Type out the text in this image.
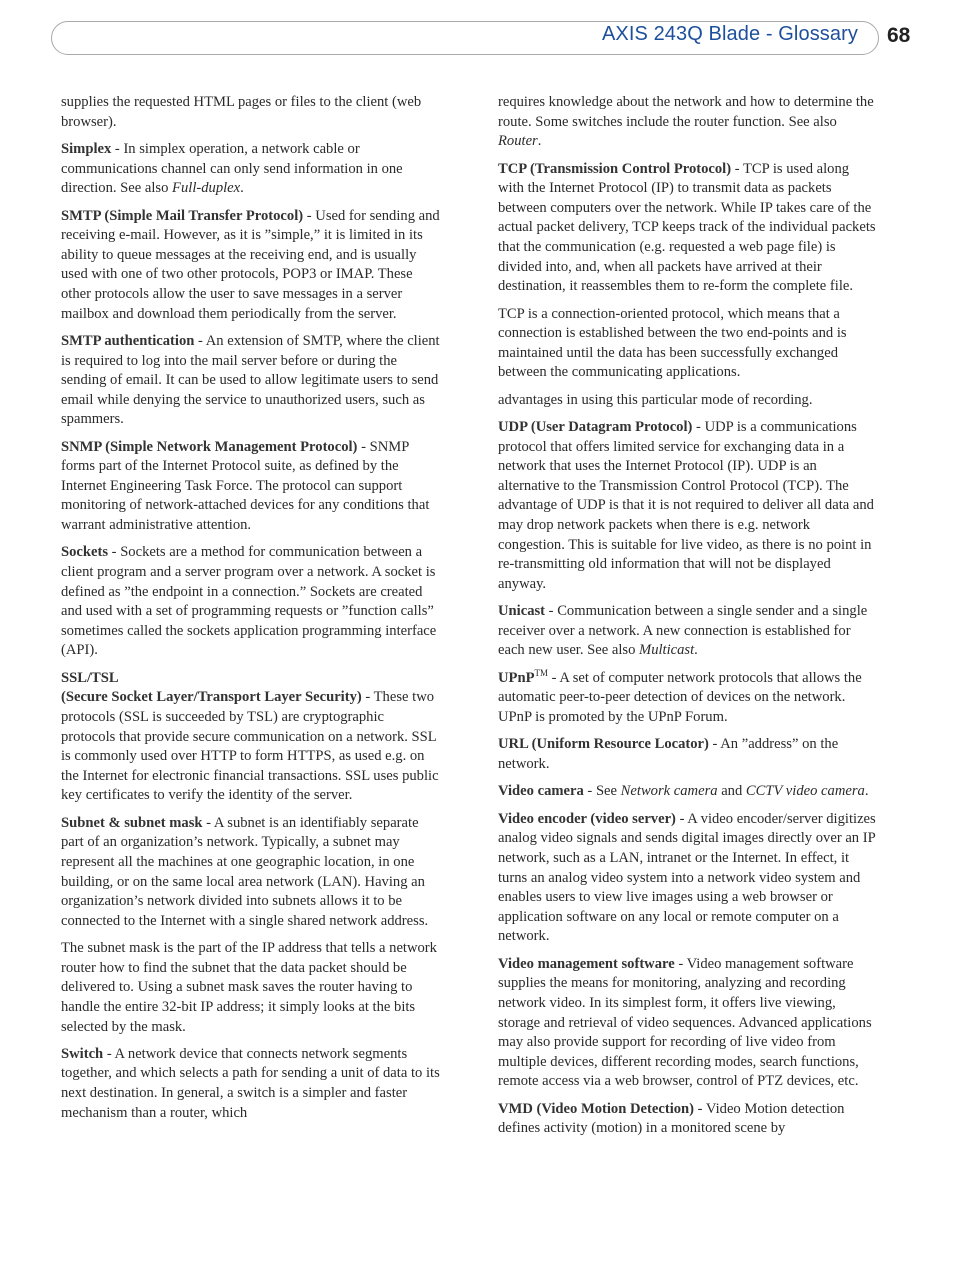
AXIS 243Q Blade - Glossary 68

supplies the requested HTML pages or files to the client (web browser).

Simplex - In simplex operation, a network cable or communications channel can only send information in one direction. See also Full-duplex.

SMTP (Simple Mail Transfer Protocol) - Used for sending and receiving e-mail. However, as it is ”simple,” it is limited in its ability to queue messages at the receiving end, and is usually used with one of two other protocols, POP3 or IMAP. These other protocols allow the user to save messages in a server mailbox and download them periodically from the server.

SMTP authentication - An extension of SMTP, where the client is required to log into the mail server before or during the sending of email. It can be used to allow legitimate users to send email while denying the service to unauthorized users, such as spammers.

SNMP (Simple Network Management Protocol) - SNMP forms part of the Internet Protocol suite, as defined by the Internet Engineering Task Force. The protocol can support monitoring of network-attached devices for any conditions that warrant administrative attention.

Sockets - Sockets are a method for communication between a client program and a server program over a network. A socket is defined as ”the endpoint in a connection.” Sockets are created and used with a set of programming requests or ”function calls” sometimes called the sockets application programming interface (API).

SSL/TSL
(Secure Socket Layer/Transport Layer Security) - These two protocols (SSL is succeeded by TSL) are cryptographic protocols that provide secure communication on a network. SSL is commonly used over HTTP to form HTTPS, as used e.g. on the Internet for electronic financial transactions. SSL uses public key certificates to verify the identity of the server.

Subnet & subnet mask - A subnet is an identifiably separate part of an organization’s network. Typically, a subnet may represent all the machines at one geographic location, in one building, or on the same local area network (LAN). Having an organization’s network divided into subnets allows it to be connected to the Internet with a single shared network address.

The subnet mask is the part of the IP address that tells a network router how to find the subnet that the data packet should be delivered to. Using a subnet mask saves the router having to handle the entire 32-bit IP address; it simply looks at the bits selected by the mask.

Switch - A network device that connects network segments together, and which selects a path for sending a unit of data to its next destination. In general, a switch is a simpler and faster mechanism than a router, which

requires knowledge about the network and how to determine the route. Some switches include the router function. See also Router.

TCP (Transmission Control Protocol) - TCP is used along with the Internet Protocol (IP) to transmit data as packets between computers over the network. While IP takes care of the actual packet delivery, TCP keeps track of the individual packets that the communication (e.g. requested a web page file) is divided into, and, when all packets have arrived at their destination, it reassembles them to re-form the complete file.

TCP is a connection-oriented protocol, which means that a connection is established between the two end-points and is maintained until the data has been successfully exchanged between the communicating applications.

advantages in using this particular mode of recording.

UDP (User Datagram Protocol) - UDP is a communications protocol that offers limited service for exchanging data in a network that uses the Internet Protocol (IP). UDP is an alternative to the Transmission Control Protocol (TCP). The advantage of UDP is that it is not required to deliver all data and may drop network packets when there is e.g. network congestion. This is suitable for live video, as there is no point in re-transmitting old information that will not be displayed anyway.

Unicast - Communication between a single sender and a single receiver over a network. A new connection is established for each new user. See also Multicast.

UPnP™ - A set of computer network protocols that allows the automatic peer-to-peer detection of devices on the network. UPnP is promoted by the UPnP Forum.

URL (Uniform Resource Locator) - An ”address” on the network.

Video camera - See Network camera and CCTV video camera.

Video encoder (video server) - A video encoder/server digitizes analog video signals and sends digital images directly over an IP network, such as a LAN, intranet or the Internet. In effect, it turns an analog video system into a network video system and enables users to view live images using a web browser or application software on any local or remote computer on a network.

Video management software - Video management software supplies the means for monitoring, analyzing and recording network video. In its simplest form, it offers live viewing, storage and retrieval of video sequences. Advanced applications may also provide support for recording of live video from multiple devices, different recording modes, search functions, remote access via a web browser, control of PTZ devices, etc.

VMD (Video Motion Detection) - Video Motion detection defines activity (motion) in a monitored scene by
